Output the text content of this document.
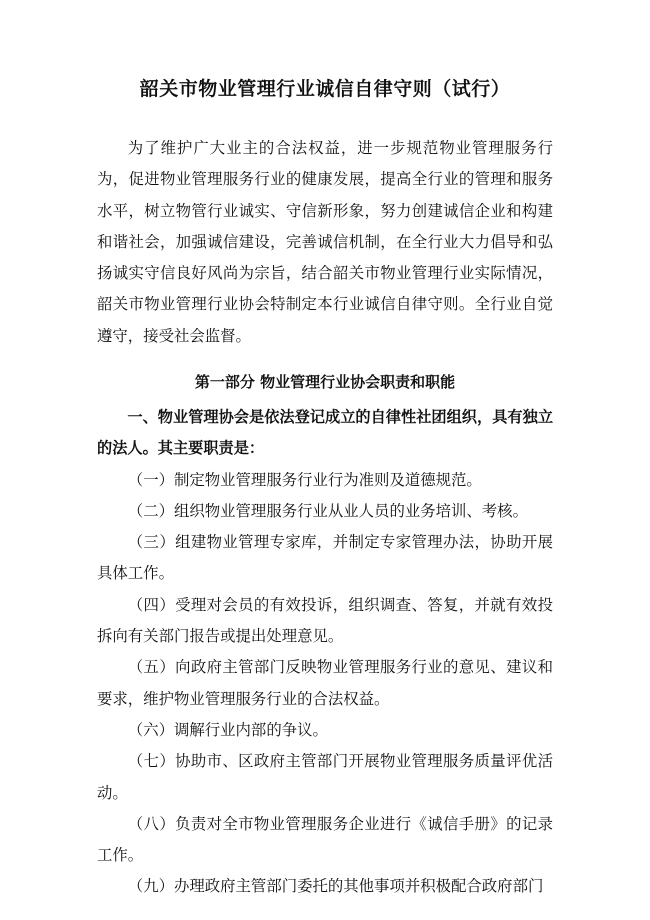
韶关市物业管理行业诚信自律守则（试行）

为了维护广大业主的合法权益，进一步规范物业管理服务行为，促进物业管理服务行业的健康发展，提高全行业的管理和服务水平，树立物管行业诚实、守信新形象，努力创建诚信企业和构建和谐社会，加强诚信建设，完善诚信机制，在全行业大力倡导和弘扬诚实守信良好风尚为宗旨，结合韶关市物业管理行业实际情况，韶关市物业管理行业协会特制定本行业诚信自律守则。全行业自觉遵守，接受社会监督。

第一部分 物业管理行业协会职责和职能

一、物业管理协会是依法登记成立的自律性社团组织，具有独立的法人。其主要职责是：

（一）制定物业管理服务行业行为准则及道德规范。

（二）组织物业管理服务行业从业人员的业务培训、考核。

（三）组建物业管理专家库，并制定专家管理办法，协助开展具体工作。

（四）受理对会员的有效投诉，组织调查、答复，并就有效投拆向有关部门报告或提出处理意见。

（五）向政府主管部门反映物业管理服务行业的意见、建议和要求，维护物业管理服务行业的合法权益。

（六）调解行业内部的争议。

（七）协助市、区政府主管部门开展物业管理服务质量评优活动。

（八）负责对全市物业管理服务企业进行《诚信手册》的记录工作。

（九）办理政府主管部门委托的其他事项并积极配合政府部门
